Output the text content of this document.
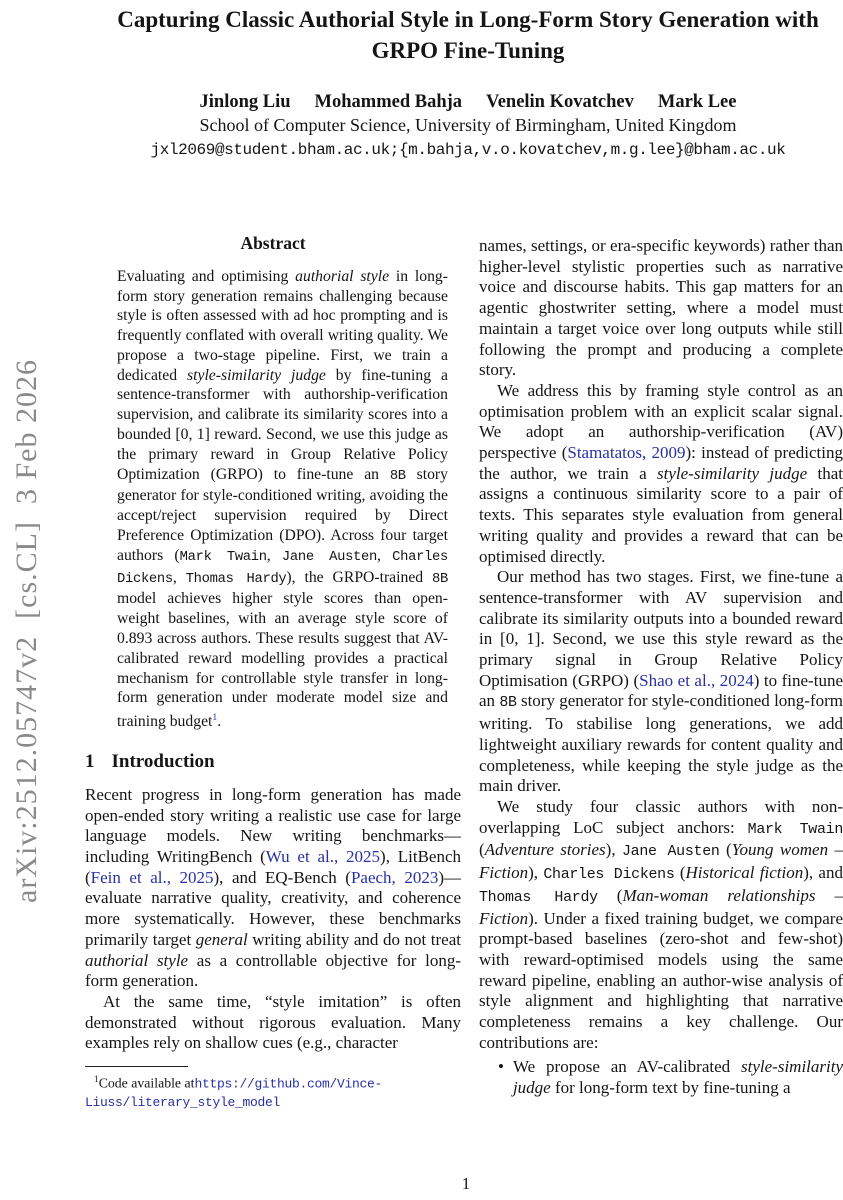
arXiv:2512.05747v2  [cs.CL]  3 Feb 2026
Capturing Classic Authorial Style in Long-Form Story Generation with
GRPO Fine-Tuning
Jinlong Liu Mohammed Bahja Venelin Kovatchev Mark Lee
School of Computer Science, University of Birmingham, United Kingdom
jxl2069@student.bham.ac.uk;{m.bahja,v.o.kovatchev,m.g.lee}@bham.ac.uk
Abstract

Evaluating and optimising authorial style in long-form story generation remains challenging because style is often assessed with ad hoc prompting and is frequently conflated with overall writing quality. We propose a two-stage pipeline. First, we train a dedicated style-similarity judge by fine-tuning a sentence-transformer with authorship-verification supervision, and calibrate its similarity scores into a bounded [0, 1] reward. Second, we use this judge as the primary reward in Group Relative Policy Optimization (GRPO) to fine-tune an 8B story generator for style-conditioned writing, avoiding the accept/reject supervision required by Direct Preference Optimization (DPO). Across four target authors (Mark Twain, Jane Austen, Charles Dickens, Thomas Hardy), the GRPO-trained 8B model achieves higher style scores than open-weight baselines, with an average style score of 0.893 across authors. These results suggest that AV-calibrated reward modelling provides a practical mechanism for controllable style transfer in long-form generation under moderate model size and training budget$^1$.

1 Introduction

Recent progress in long-form generation has made open-ended story writing a realistic use case for large language models. New writing benchmarks—including WritingBench (Wu et al., 2025), LitBench (Fein et al., 2025), and EQ-Bench (Paech, 2023)—evaluate narrative quality, creativity, and coherence more systematically. However, these benchmarks primarily target general writing ability and do not treat authorial style as a controllable objective for long-form generation.

At the same time, “style imitation” is often demonstrated without rigorous evaluation. Many examples rely on shallow cues (e.g., character

$^1$Code available athttps://github.com/Vince-Liuss/literary_style_model

names, settings, or era-specific keywords) rather than higher-level stylistic properties such as narrative voice and discourse habits. This gap matters for an agentic ghostwriter setting, where a model must maintain a target voice over long outputs while still following the prompt and producing a complete story.

We address this by framing style control as an optimisation problem with an explicit scalar signal. We adopt an authorship-verification (AV) perspective (Stamatatos, 2009): instead of predicting the author, we train a style-similarity judge that assigns a continuous similarity score to a pair of texts. This separates style evaluation from general writing quality and provides a reward that can be optimised directly.

Our method has two stages. First, we fine-tune a sentence-transformer with AV supervision and calibrate its similarity outputs into a bounded reward in [0, 1]. Second, we use this style reward as the primary signal in Group Relative Policy Optimisation (GRPO) (Shao et al., 2024) to fine-tune an 8B story generator for style-conditioned long-form writing. To stabilise long generations, we add lightweight auxiliary rewards for content quality and completeness, while keeping the style judge as the main driver.

We study four classic authors with non-overlapping LoC subject anchors: Mark Twain (Adventure stories), Jane Austen (Young women – Fiction), Charles Dickens (Historical fiction), and Thomas Hardy (Man-woman relationships – Fiction). Under a fixed training budget, we compare prompt-based baselines (zero-shot and few-shot) with reward-optimised models using the same reward pipeline, enabling an author-wise analysis of style alignment and highlighting that narrative completeness remains a key challenge. Our contributions are:

• We propose an AV-calibrated style-similarity judge for long-form text by fine-tuning a
1
